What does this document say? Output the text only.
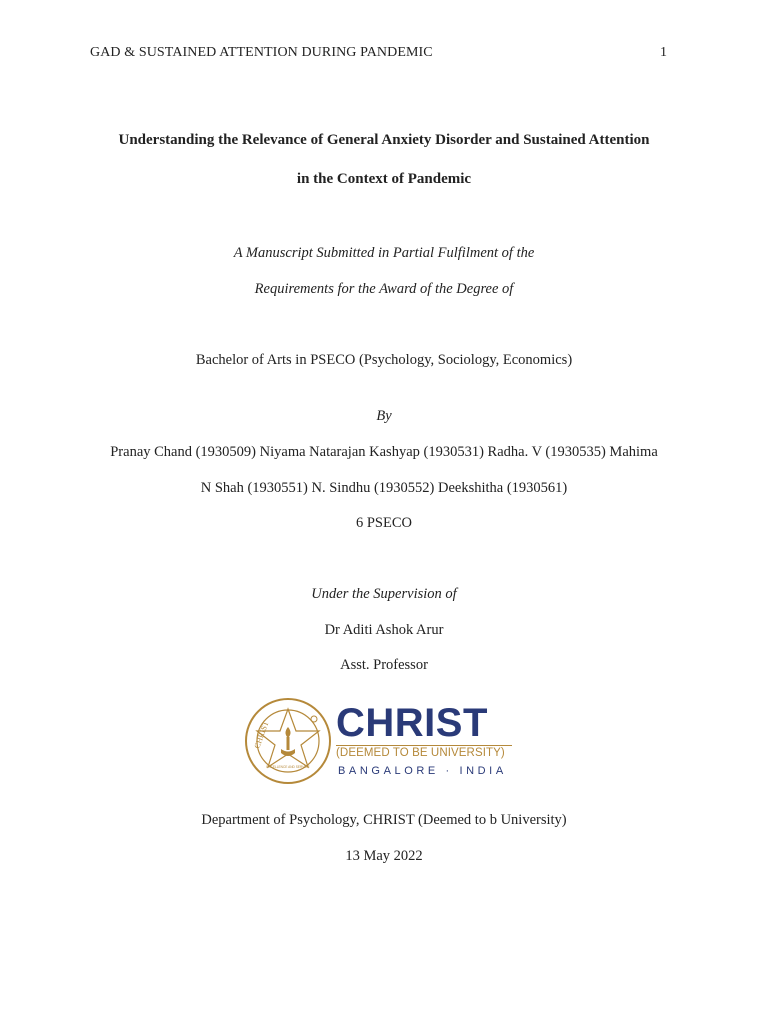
GAD & SUSTAINED ATTENTION DURING PANDEMIC	1
Understanding the Relevance of General Anxiety Disorder and Sustained Attention
in the Context of Pandemic
A Manuscript Submitted in Partial Fulfilment of the
Requirements for the Award of the Degree of
Bachelor of Arts in PSECO (Psychology, Sociology, Economics)
By
Pranay Chand (1930509) Niyama Natarajan Kashyap (1930531) Radha. V (1930535) Mahima
N Shah (1930551) N. Sindhu (1930552) Deekshitha (1930561)
6 PSECO
Under the Supervision of
Dr Aditi Ashok Arur
Asst. Professor
CHRIST
EXCELLENCE AND SERVICE
CHRIST
(DEEMED TO BE UNIVERSITY)
BANGALORE · INDIA
Department of Psychology, CHRIST (Deemed to b University)
13 May 2022
